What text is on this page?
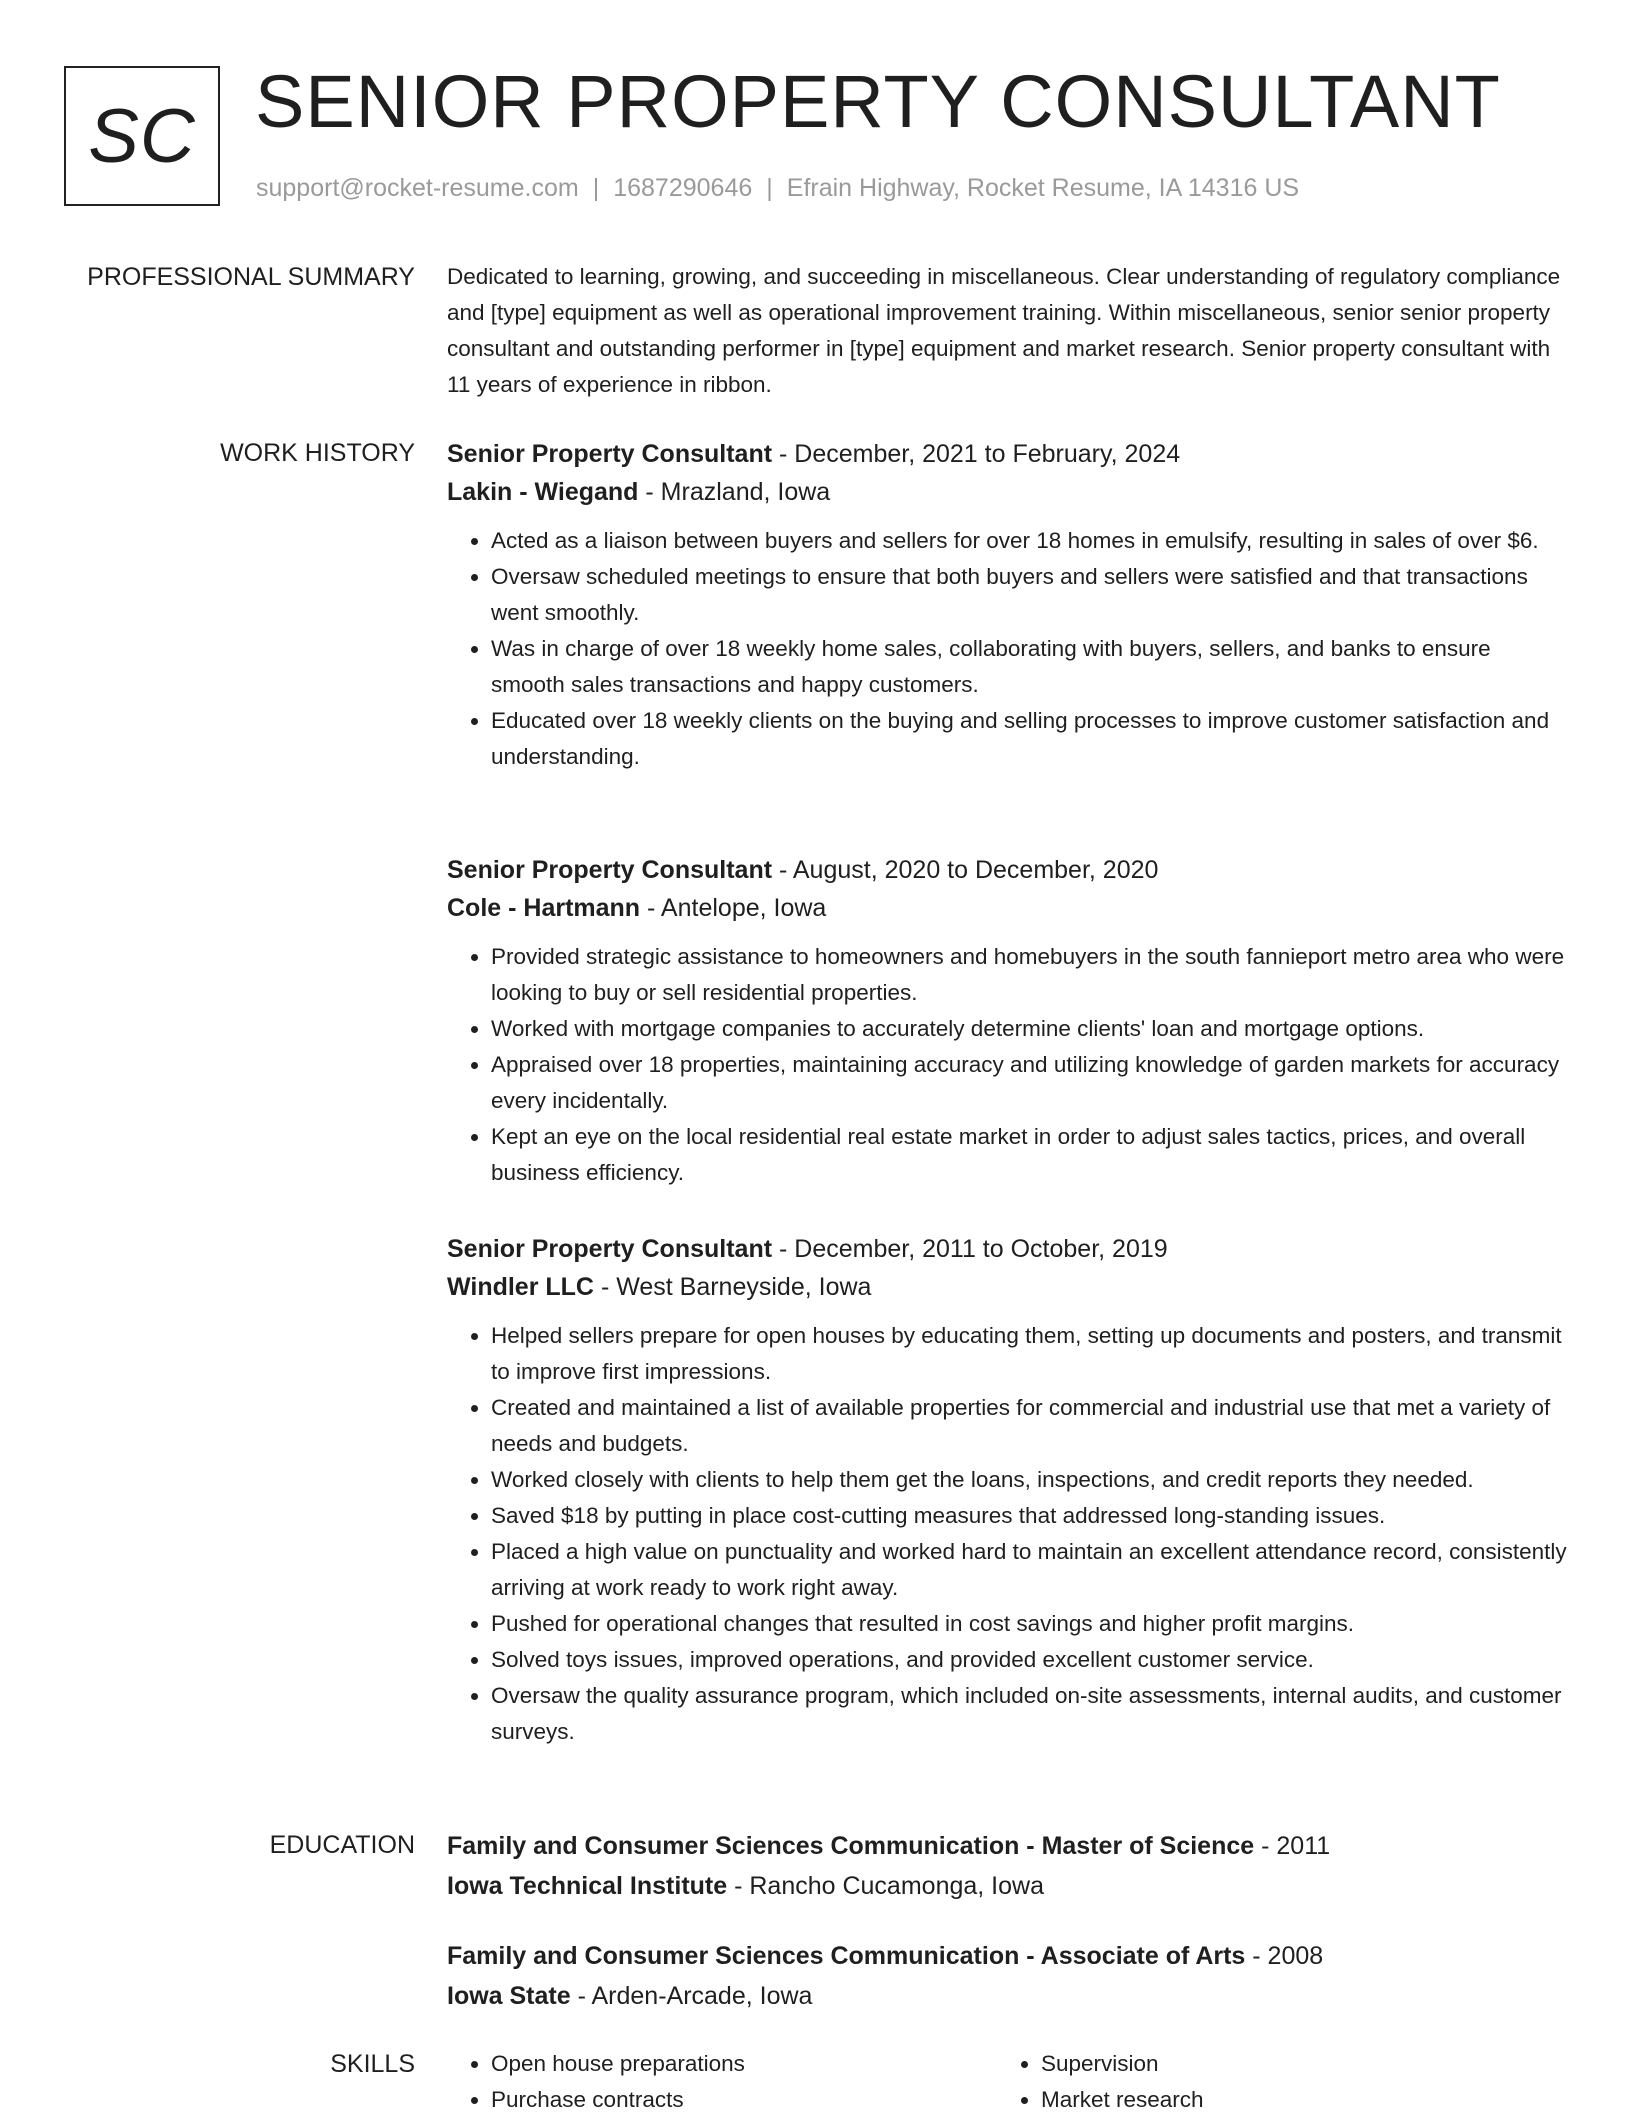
SC SENIOR PROPERTY CONSULTANT
support@rocket-resume.com | 1687290646 | Efrain Highway, Rocket Resume, IA 14316 US
PROFESSIONAL SUMMARY Dedicated to learning, growing, and succeeding in miscellaneous. Clear understanding of regulatory compliance and [type] equipment as well as operational improvement training. Within miscellaneous, senior senior property consultant and outstanding performer in [type] equipment and market research. Senior property consultant with 11 years of experience in ribbon.

WORK HISTORY Senior Property Consultant - December, 2021 to February, 2024
Lakin - Wiegand - Mrazland, Iowa
• Acted as a liaison between buyers and sellers for over 18 homes in emulsify, resulting in sales of over $6.
• Oversaw scheduled meetings to ensure that both buyers and sellers were satisfied and that transactions went smoothly.
• Was in charge of over 18 weekly home sales, collaborating with buyers, sellers, and banks to ensure smooth sales transactions and happy customers.
• Educated over 18 weekly clients on the buying and selling processes to improve customer satisfaction and understanding.
Senior Property Consultant - August, 2020 to December, 2020
Cole - Hartmann - Antelope, Iowa
• Provided strategic assistance to homeowners and homebuyers in the south fannieport metro area who were looking to buy or sell residential properties.
• Worked with mortgage companies to accurately determine clients' loan and mortgage options.
• Appraised over 18 properties, maintaining accuracy and utilizing knowledge of garden markets for accuracy every incidentally.
• Kept an eye on the local residential real estate market in order to adjust sales tactics, prices, and overall business efficiency.
Senior Property Consultant - December, 2011 to October, 2019
Windler LLC - West Barneyside, Iowa
• Helped sellers prepare for open houses by educating them, setting up documents and posters, and transmit to improve first impressions.
• Created and maintained a list of available properties for commercial and industrial use that met a variety of needs and budgets.
• Worked closely with clients to help them get the loans, inspections, and credit reports they needed.
• Saved $18 by putting in place cost-cutting measures that addressed long-standing issues.
• Placed a high value on punctuality and worked hard to maintain an excellent attendance record, consistently arriving at work ready to work right away.
• Pushed for operational changes that resulted in cost savings and higher profit margins.
• Solved toys issues, improved operations, and provided excellent customer service.
• Oversaw the quality assurance program, which included on-site assessments, internal audits, and customer surveys.
EDUCATION Family and Consumer Sciences Communication - Master of Science - 2011
Iowa Technical Institute - Rancho Cucamonga, Iowa
Family and Consumer Sciences Communication - Associate of Arts - 2008
Iowa State - Arden-Arcade, Iowa
SKILLS
•	Open house preparations
• Purchase contracts
• Supervision
• Market research
